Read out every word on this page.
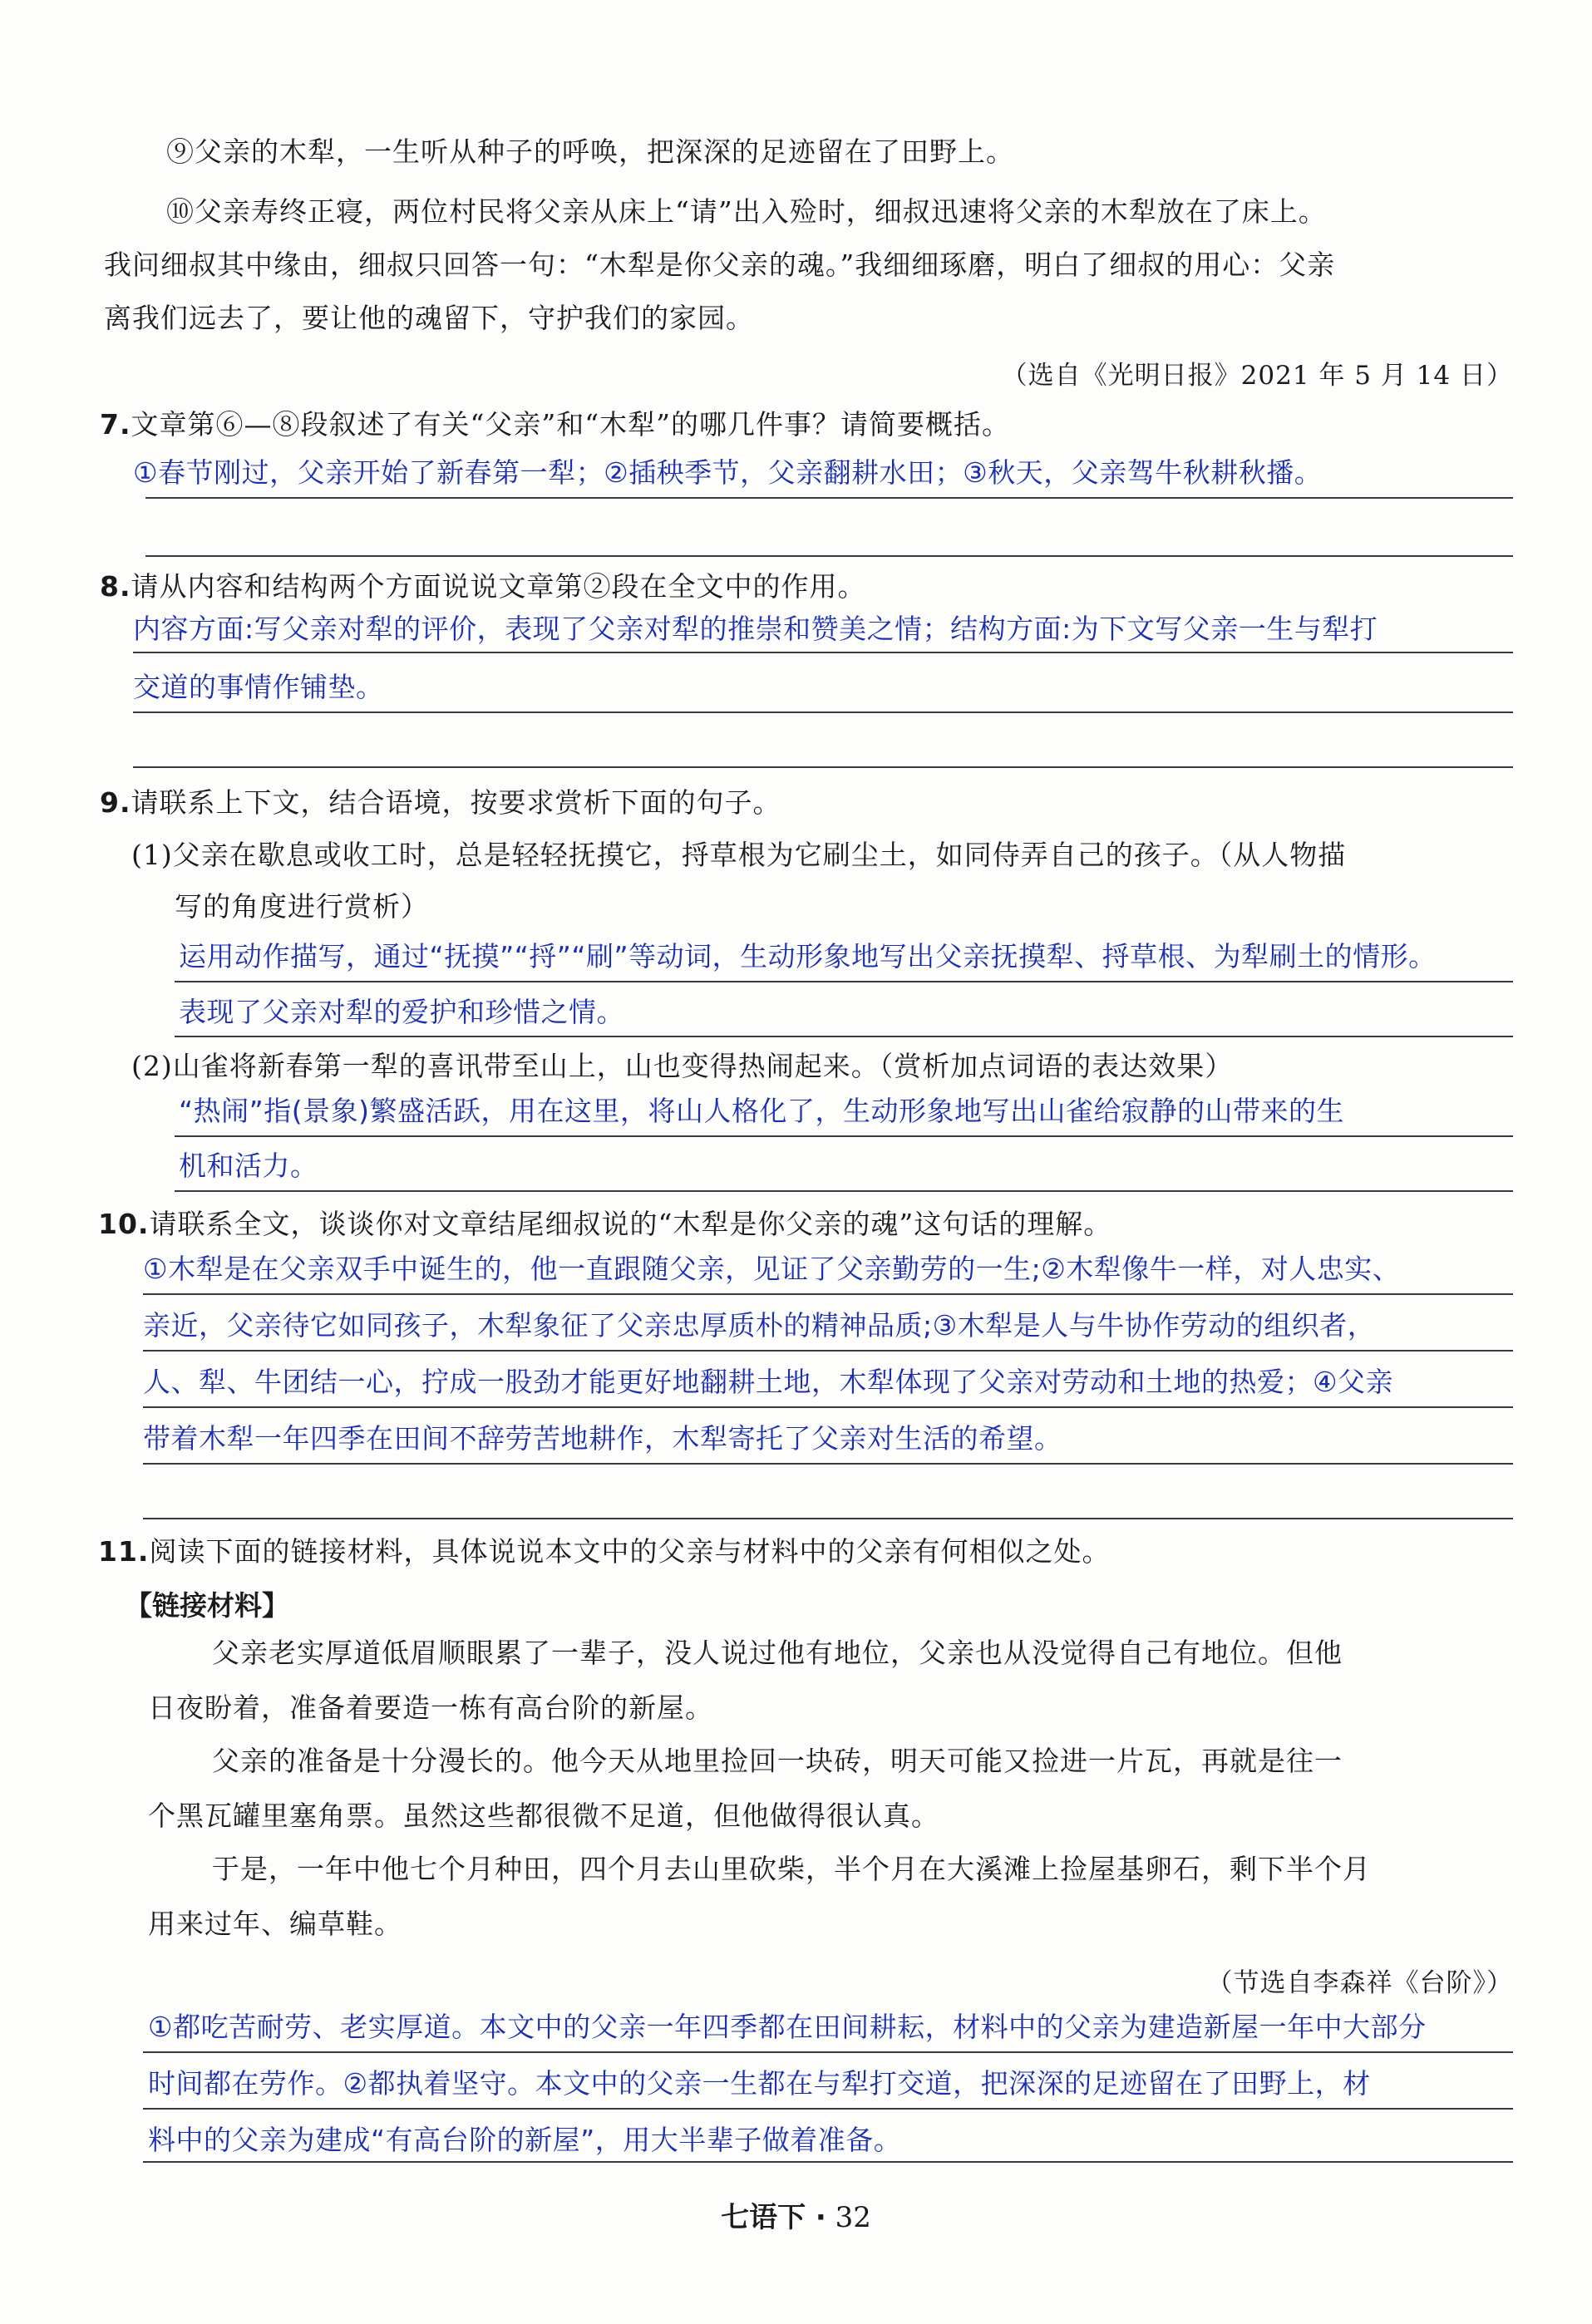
⑨父亲的木犁，一生听从种子的呼唤，把深深的足迹留在了田野上。
⑩父亲寿终正寝，两位村民将父亲从床上“请”出入殓时，细叔迅速将父亲的木犁放在了床上。
我问细叔其中缘由，细叔只回答一句：“木犁是你父亲的魂。”我细细琢磨，明白了细叔的用心：父亲
离我们远去了，要让他的魂留下，守护我们的家园。
（选自《光明日报》2021 年 5 月 14 日）
7.文章第⑥—⑧段叙述了有关“父亲”和“木犁”的哪几件事？请简要概括。
①春节刚过，父亲开始了新春第一犁；②插秧季节，父亲翻耕水田；③秋天，父亲驾牛秋耕秋播。
8.请从内容和结构两个方面说说文章第②段在全文中的作用。
内容方面:写父亲对犁的评价，表现了父亲对犁的推崇和赞美之情；结构方面:为下文写父亲一生与犁打
交道的事情作铺垫。
9.请联系上下文，结合语境，按要求赏析下面的句子。
(1)父亲在歇息或收工时，总是轻轻抚摸它，捋草根为它刷尘土，如同侍弄自己的孩子。（从人物描
写的角度进行赏析）
运用动作描写，通过“抚摸”“捋”“刷”等动词，生动形象地写出父亲抚摸犁、捋草根、为犁刷土的情形。
表现了父亲对犁的爱护和珍惜之情。
(2)山雀将新春第一犁的喜讯带至山上，山也变得热闹起来。（赏析加点词语的表达效果）
“热闹”指(景象)繁盛活跃，用在这里，将山人格化了，生动形象地写出山雀给寂静的山带来的生
机和活力。
10.请联系全文，谈谈你对文章结尾细叔说的“木犁是你父亲的魂”这句话的理解。
①木犁是在父亲双手中诞生的，他一直跟随父亲，见证了父亲勤劳的一生;②木犁像牛一样，对人忠实、
亲近，父亲待它如同孩子，木犁象征了父亲忠厚质朴的精神品质;③木犁是人与牛协作劳动的组织者，
人、犁、牛团结一心，拧成一股劲才能更好地翻耕土地，木犁体现了父亲对劳动和土地的热爱；④父亲
带着木犁一年四季在田间不辞劳苦地耕作，木犁寄托了父亲对生活的希望。
11.阅读下面的链接材料，具体说说本文中的父亲与材料中的父亲有何相似之处。
【链接材料】
父亲老实厚道低眉顺眼累了一辈子，没人说过他有地位，父亲也从没觉得自己有地位。但他
日夜盼着，准备着要造一栋有高台阶的新屋。
父亲的准备是十分漫长的。他今天从地里捡回一块砖，明天可能又捡进一片瓦，再就是往一
个黑瓦罐里塞角票。虽然这些都很微不足道，但他做得很认真。
于是，一年中他七个月种田，四个月去山里砍柴，半个月在大溪滩上捡屋基卵石，剩下半个月
用来过年、编草鞋。
（节选自李森祥《台阶》）
①都吃苦耐劳、老实厚道。本文中的父亲一年四季都在田间耕耘，材料中的父亲为建造新屋一年中大部分
时间都在劳作。②都执着坚守。本文中的父亲一生都在与犁打交道，把深深的足迹留在了田野上，材
料中的父亲为建成“有高台阶的新屋”，用大半辈子做着准备。
七语下 · 32
